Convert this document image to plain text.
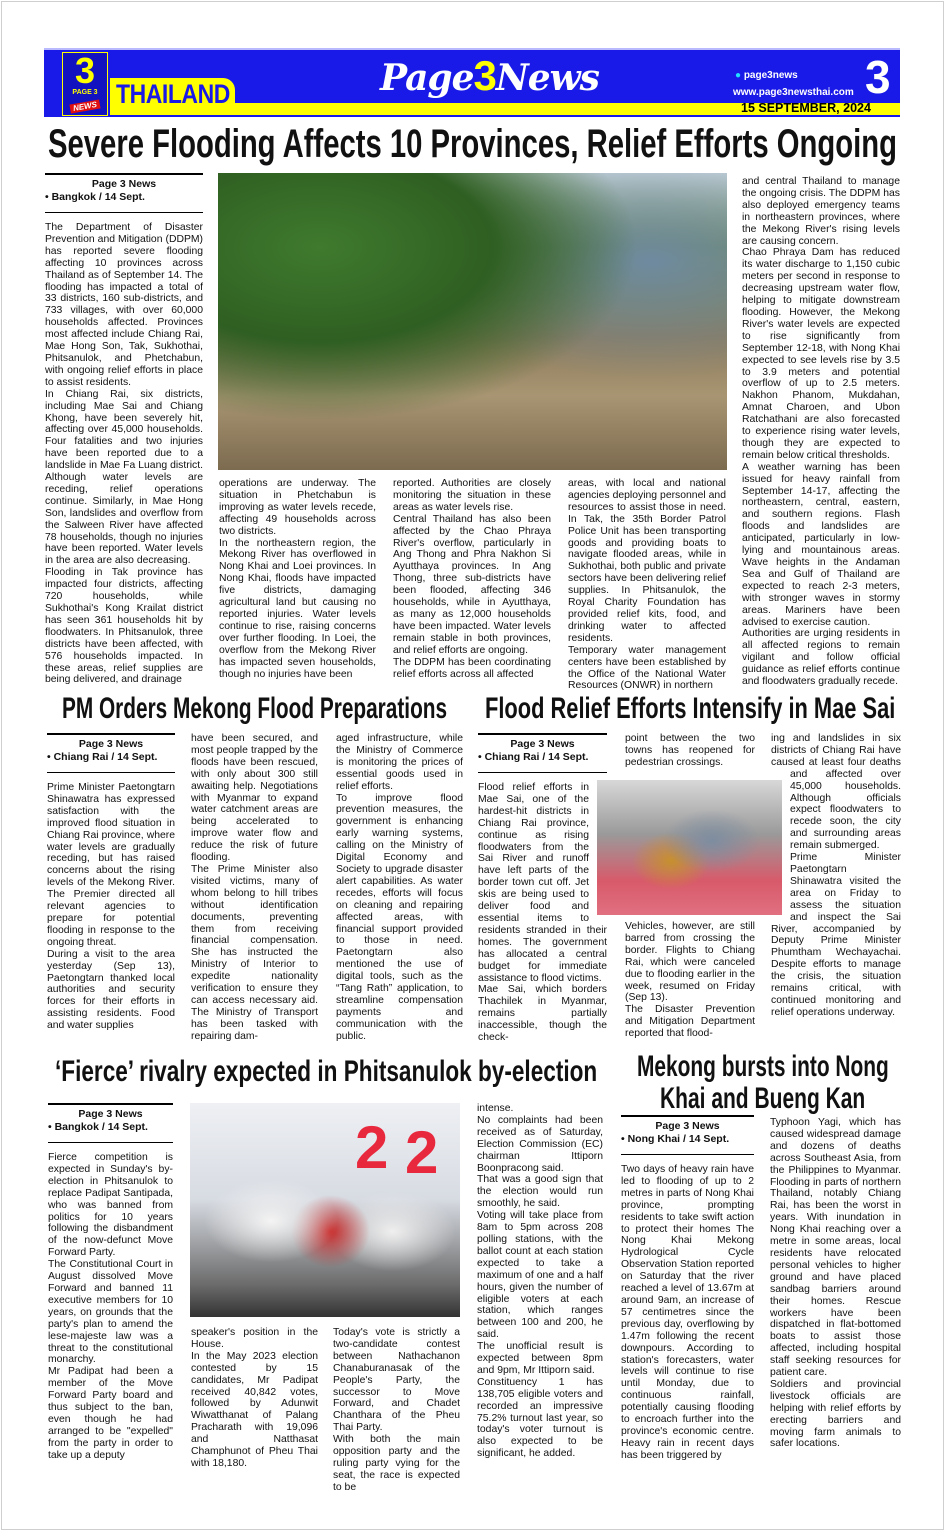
THAILAND
3
PAGE 3
NEWS
Page3News	● page3news
www.page3newsthai.com 3
15 SEPTEMBER, 2024
Severe Flooding Affects 10 Provinces, Relief Efforts Ongoing
Page 3 News
• Bangkok / 14 Sept.

The Department of Disaster Prevention and Mitigation (DDPM) has reported severe flooding affecting 10 provinces across Thailand as of September 14. The flooding has impacted a total of 33 districts, 160 sub-districts, and 733 villages, with over 60,000 households affected. Provinces most affected include Chiang Rai, Mae Hong Son, Tak, Sukhothai, Phitsanulok, and Phetchabun, with ongoing relief efforts in place to assist residents.

In Chiang Rai, six districts, including Mae Sai and Chiang Khong, have been severely hit, affecting over 45,000 households. Four fatalities and two injuries have been reported due to a landslide in Mae Fa Luang district. Although water levels are receding, relief operations continue. Similarly, in Mae Hong Son, landslides and overflow from the Salween River have affected 78 households, though no injuries have been reported. Water levels in the area are also decreasing.

Flooding in Tak province has impacted four districts, affecting 720 households, while Sukhothai's Kong Krailat district has seen 361 households hit by floodwaters. In Phitsanulok, three districts have been affected, with 576 households impacted. In these areas, relief supplies are being delivered, and drainage

operations are underway. The situation in Phetchabun is improving as water levels recede, affecting 49 households across two districts.

In the northeastern region, the Mekong River has overflowed in Nong Khai and Loei provinces. In Nong Khai, floods have impacted five districts, damaging agricultural land but causing no reported injuries. Water levels continue to rise, raising concerns over further flooding. In Loei, the overflow from the Mekong River has impacted seven households, though no injuries have been

reported. Authorities are closely monitoring the situation in these areas as water levels rise.

Central Thailand has also been affected by the Chao Phraya River's overflow, particularly in Ang Thong and Phra Nakhon Si Ayutthaya provinces. In Ang Thong, three sub-districts have been flooded, affecting 346 households, while in Ayutthaya, as many as 12,000 households have been impacted. Water levels remain stable in both provinces, and relief efforts are ongoing.

The DDPM has been coordinating relief efforts across all affected

areas, with local and national agencies deploying personnel and resources to assist those in need. In Tak, the 35th Border Patrol Police Unit has been transporting goods and providing boats to navigate flooded areas, while in Sukhothai, both public and private sectors have been delivering relief supplies. In Phitsanulok, the Royal Charity Foundation has provided relief kits, food, and drinking water to affected residents.

Temporary water management centers have been established by the Office of the National Water Resources (ONWR) in northern

and central Thailand to manage the ongoing crisis. The DDPM has also deployed emergency teams in northeastern provinces, where the Mekong River's rising levels are causing concern.

Chao Phraya Dam has reduced its water discharge to 1,150 cubic meters per second in response to decreasing upstream water flow, helping to mitigate downstream flooding. However, the Mekong River's water levels are expected to rise significantly from September 12-18, with Nong Khai expected to see levels rise by 3.5 to 3.9 meters and potential overflow of up to 2.5 meters. Nakhon Phanom, Mukdahan, Amnat Charoen, and Ubon Ratchathani are also forecasted to experience rising water levels, though they are expected to remain below critical thresholds.

A weather warning has been issued for heavy rainfall from September 14-17, affecting the northeastern, central, eastern, and southern regions. Flash floods and landslides are anticipated, particularly in low-lying and mountainous areas. Wave heights in the Andaman Sea and Gulf of Thailand are expected to reach 2-3 meters, with stronger waves in stormy areas. Mariners have been advised to exercise caution.

Authorities are urging residents in all affected regions to remain vigilant and follow official guidance as relief efforts continue and floodwaters gradually recede.

PM Orders Mekong Flood Preparations
Page 3 News
• Chiang Rai / 14 Sept.

Prime Minister Paetongtarn Shinawatra has expressed satisfaction with the improved flood situation in Chiang Rai province, where water levels are gradually receding, but has raised concerns about the rising levels of the Mekong River. The Premier directed all relevant agencies to prepare for potential flooding in response to the ongoing threat.

During a visit to the area yesterday (Sep 13), Paetongtarn thanked local authorities and security forces for their efforts in assisting residents. Food and water supplies

have been secured, and most people trapped by the floods have been rescued, with only about 300 still awaiting help. Negotiations with Myanmar to expand water catchment areas are being accelerated to improve water flow and reduce the risk of future flooding.

The Prime Minister also visited victims, many of whom belong to hill tribes without identification documents, preventing them from receiving financial compensation. She has instructed the Ministry of Interior to expedite nationality verification to ensure they can access necessary aid. The Ministry of Transport has been tasked with repairing dam-

aged infrastructure, while the Ministry of Commerce is monitoring the prices of essential goods used in relief efforts.

To improve flood prevention measures, the government is enhancing early warning systems, calling on the Ministry of Digital Economy and Society to upgrade disaster alert capabilities. As water recedes, efforts will focus on cleaning and repairing affected areas, with financial support provided to those in need. Paetongtarn also mentioned the use of digital tools, such as the “Tang Rath” application, to streamline compensation payments and communication with the public.

Flood Relief Efforts Intensify in Mae Sai
Page 3 News
• Chiang Rai / 14 Sept.

Flood relief efforts in Mae Sai, one of the hardest-hit districts in Chiang Rai province, continue as rising floodwaters from the Sai River and runoff have left parts of the border town cut off. Jet skis are being used to deliver food and essential items to residents stranded in their homes. The government has allocated a central budget for immediate assistance to flood victims.

Mae Sai, which borders Thachilek in Myanmar, remains partially inaccessible, though the check-

point between the two towns has reopened for pedestrian crossings.

Vehicles, however, are still barred from crossing the border. Flights to Chiang Rai, which were canceled due to flooding earlier in the week, resumed on Friday (Sep 13).

The Disaster Prevention and Mitigation Department reported that flood-

ing and landslides in six districts of Chiang Rai have caused at least four deaths and affected over 45,000 households. Although officials expect floodwaters to recede soon, the city and surrounding areas remain submerged.

Prime Minister Paetongtarn Shinawatra visited the area on Friday to assess the situation and inspect the Sai River, accompanied by Deputy Prime Minister Phumtham Wechayachai. Despite efforts to manage the crisis, the situation remains critical, with continued monitoring and relief operations underway.

‘Fierce’ rivalry expected in Phitsanulok by-election
Page 3 News
• Bangkok / 14 Sept.

Fierce competition is expected in Sunday's by-election in Phitsanulok to replace Padipat Santipada, who was banned from politics for 10 years following the disbandment of the now-defunct Move Forward Party.

The Constitutional Court in August dissolved Move Forward and banned 11 executive members for 10 years, on grounds that the party's plan to amend the lese-majeste law was a threat to the constitutional monarchy.

Mr Padipat had been a member of the Move Forward Party board and thus subject to the ban, even though he had arranged to be "expelled" from the party in order to take up a deputy

2 2

speaker's position in the House.

In the May 2023 election contested by 15 candidates, Mr Padipat received 40,842 votes, followed by Adunwit Wiwatthanat of Palang Pracharath with 19,096 and Natthasat Champhunot of Pheu Thai with 18,180.

Today's vote is strictly a two-candidate contest between Nathachanon Chanaburanasak of the People's Party, the successor to Move Forward, and Chadet Chanthara of the Pheu Thai Party.

With both the main opposition party and the ruling party vying for the seat, the race is expected to be

intense.

No complaints had been received as of Saturday, Election Commission (EC) chairman Ittiporn Boonpracong said.

That was a good sign that the election would run smoothly, he said.

Voting will take place from 8am to 5pm across 208 polling stations, with the ballot count at each station expected to take a maximum of one and a half hours, given the number of eligible voters at each station, which ranges between 100 and 200, he said.

The unofficial result is expected between 8pm and 9pm, Mr Ittiporn said.

Constituency 1 has 138,705 eligible voters and recorded an impressive 75.2% turnout last year, so today's voter turnout is also expected to be significant, he added.

Mekong bursts into Nong
Khai and Bueng Kan
Page 3 News
• Nong Khai / 14 Sept.

Two days of heavy rain have led to flooding of up to 2 metres in parts of Nong Khai province, prompting residents to take swift action to protect their homes The Nong Khai Mekong Hydrological Cycle Observation Station reported on Saturday that the river reached a level of 13.67m at around 9am, an increase of 57 centimetres since the previous day, overflowing by 1.47m following the recent downpours. According to station's forecasters, water levels will continue to rise until Monday, due to continuous rainfall, potentially causing flooding to encroach further into the province's economic centre. Heavy rain in recent days has been triggered by

Typhoon Yagi, which has caused widespread damage and dozens of deaths across Southeast Asia, from the Philippines to Myanmar. Flooding in parts of northern Thailand, notably Chiang Rai, has been the worst in years. With inundation in Nong Khai reaching over a metre in some areas, local residents have relocated personal vehicles to higher ground and have placed sandbag barriers around their homes. Rescue workers have been dispatched in flat-bottomed boats to assist those affected, including hospital staff seeking resources for patient care.

Soldiers and provincial livestock officials are helping with relief efforts by erecting barriers and moving farm animals to safer locations.
